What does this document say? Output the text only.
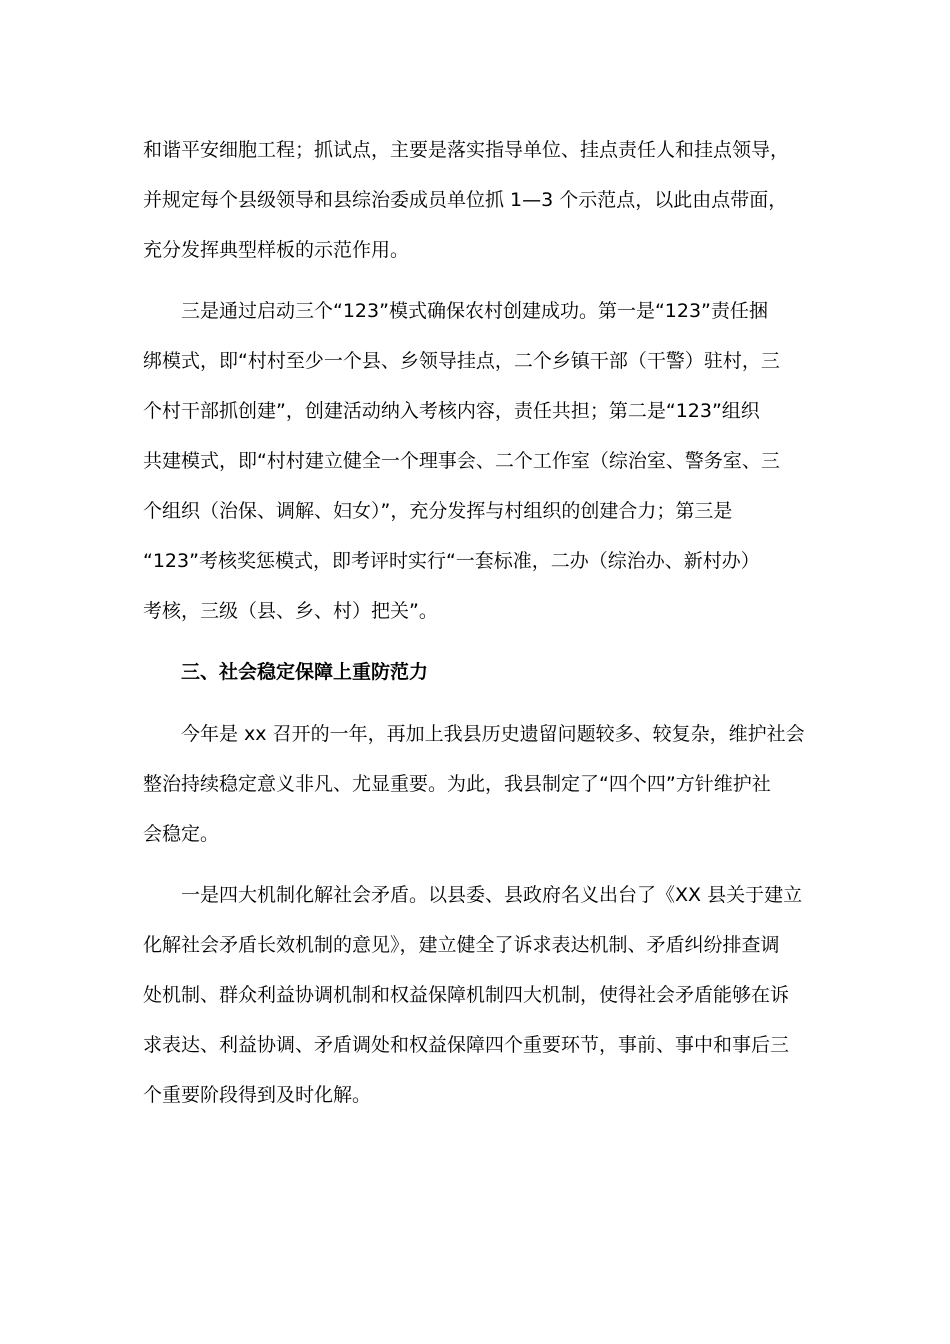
和谐平安细胞工程；抓试点，主要是落实指导单位、挂点责任人和挂点领导，
并规定每个县级领导和县综治委成员单位抓 1—3 个示范点，以此由点带面，
充分发挥典型样板的示范作用。
　　三是通过启动三个“123”模式确保农村创建成功。第一是“123”责任捆
绑模式，即“村村至少一个县、乡领导挂点，二个乡镇干部（干警）驻村，三
个村干部抓创建”，创建活动纳入考核内容，责任共担；第二是“123”组织
共建模式，即“村村建立健全一个理事会、二个工作室（综治室、警务室、三
个组织（治保、调解、妇女）”，充分发挥与村组织的创建合力；第三是
“123”考核奖惩模式，即考评时实行“一套标准，二办（综治办、新村办）
考核，三级（县、乡、村）把关”。
　　三、社会稳定保障上重防范力
　　今年是 xx 召开的一年，再加上我县历史遗留问题较多、较复杂，维护社会
整治持续稳定意义非凡、尤显重要。为此，我县制定了“四个四”方针维护社
会稳定。
　　一是四大机制化解社会矛盾。以县委、县政府名义出台了《XX 县关于建立
化解社会矛盾长效机制的意见》，建立健全了诉求表达机制、矛盾纠纷排查调
处机制、群众利益协调机制和权益保障机制四大机制，使得社会矛盾能够在诉
求表达、利益协调、矛盾调处和权益保障四个重要环节，事前、事中和事后三
个重要阶段得到及时化解。
